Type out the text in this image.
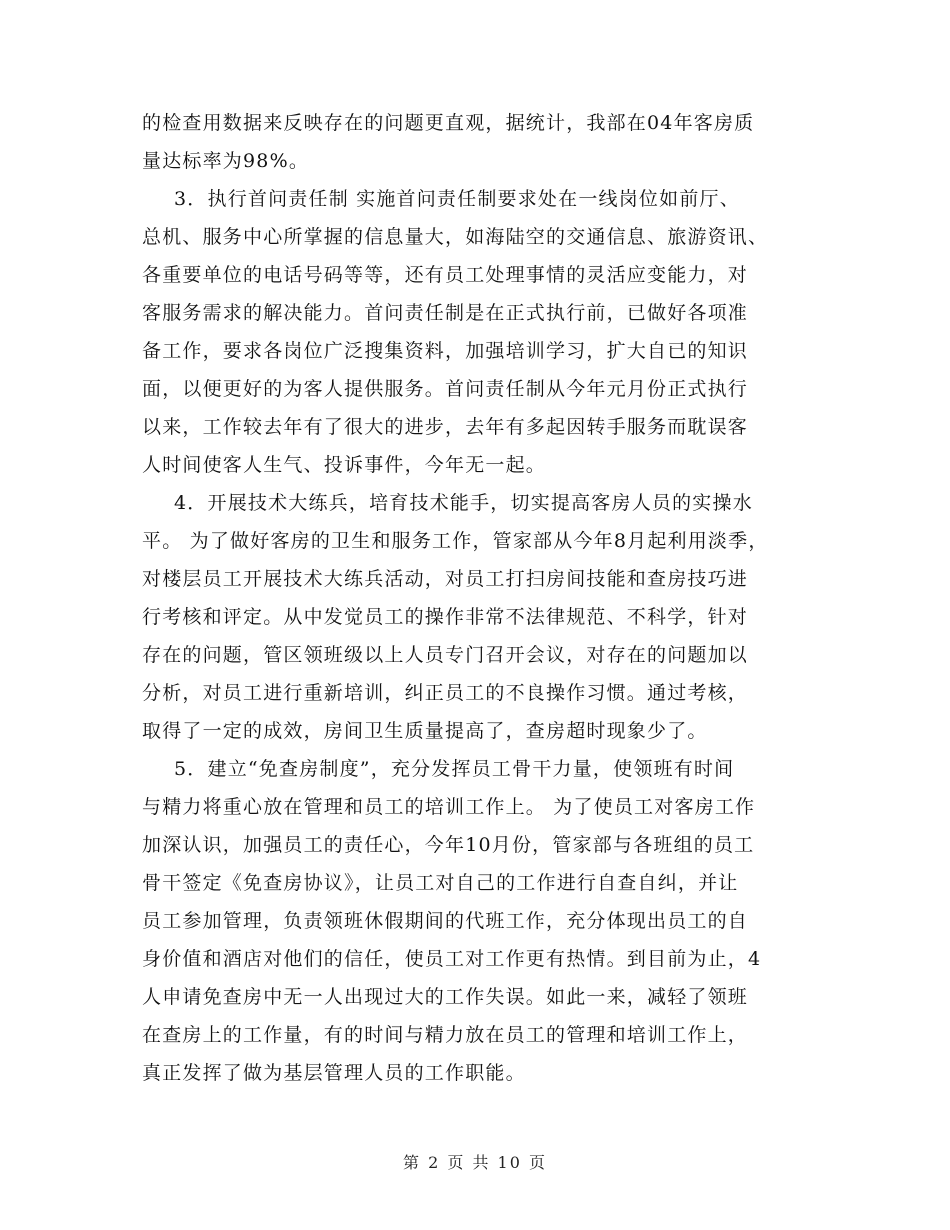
的检查用数据来反映存在的问题更直观，据统计，我部在04年客房质
量达标率为98%。
3．执行首问责任制 实施首问责任制要求处在一线岗位如前厅、
总机、服务中心所掌握的信息量大，如海陆空的交通信息、旅游资讯、
各重要单位的电话号码等等，还有员工处理事情的灵活应变能力，对
客服务需求的解决能力。首问责任制是在正式执行前，已做好各项准
备工作，要求各岗位广泛搜集资料，加强培训学习，扩大自已的知识
面，以便更好的为客人提供服务。首问责任制从今年元月份正式执行
以来，工作较去年有了很大的进步，去年有多起因转手服务而耽误客
人时间使客人生气、投诉事件，今年无一起。
4．开展技术大练兵，培育技术能手，切实提高客房人员的实操水
平。 为了做好客房的卫生和服务工作，管家部从今年8月起利用淡季，
对楼层员工开展技术大练兵活动，对员工打扫房间技能和查房技巧进
行考核和评定。从中发觉员工的操作非常不法律规范、不科学，针对
存在的问题，管区领班级以上人员专门召开会议，对存在的问题加以
分析，对员工进行重新培训，纠正员工的不良操作习惯。通过考核，
取得了一定的成效，房间卫生质量提高了，查房超时现象少了。
5．建立“免查房制度”，充分发挥员工骨干力量，使领班有时间
与精力将重心放在管理和员工的培训工作上。 为了使员工对客房工作
加深认识，加强员工的责任心，今年10月份，管家部与各班组的员工
骨干签定《免查房协议》，让员工对自己的工作进行自查自纠，并让
员工参加管理，负责领班休假期间的代班工作，充分体现出员工的自
身价值和酒店对他们的信任，使员工对工作更有热情。到目前为止，4
人申请免查房中无一人出现过大的工作失误。如此一来，减轻了领班
在查房上的工作量，有的时间与精力放在员工的管理和培训工作上，
真正发挥了做为基层管理人员的工作职能。
第 2 页 共 10 页
